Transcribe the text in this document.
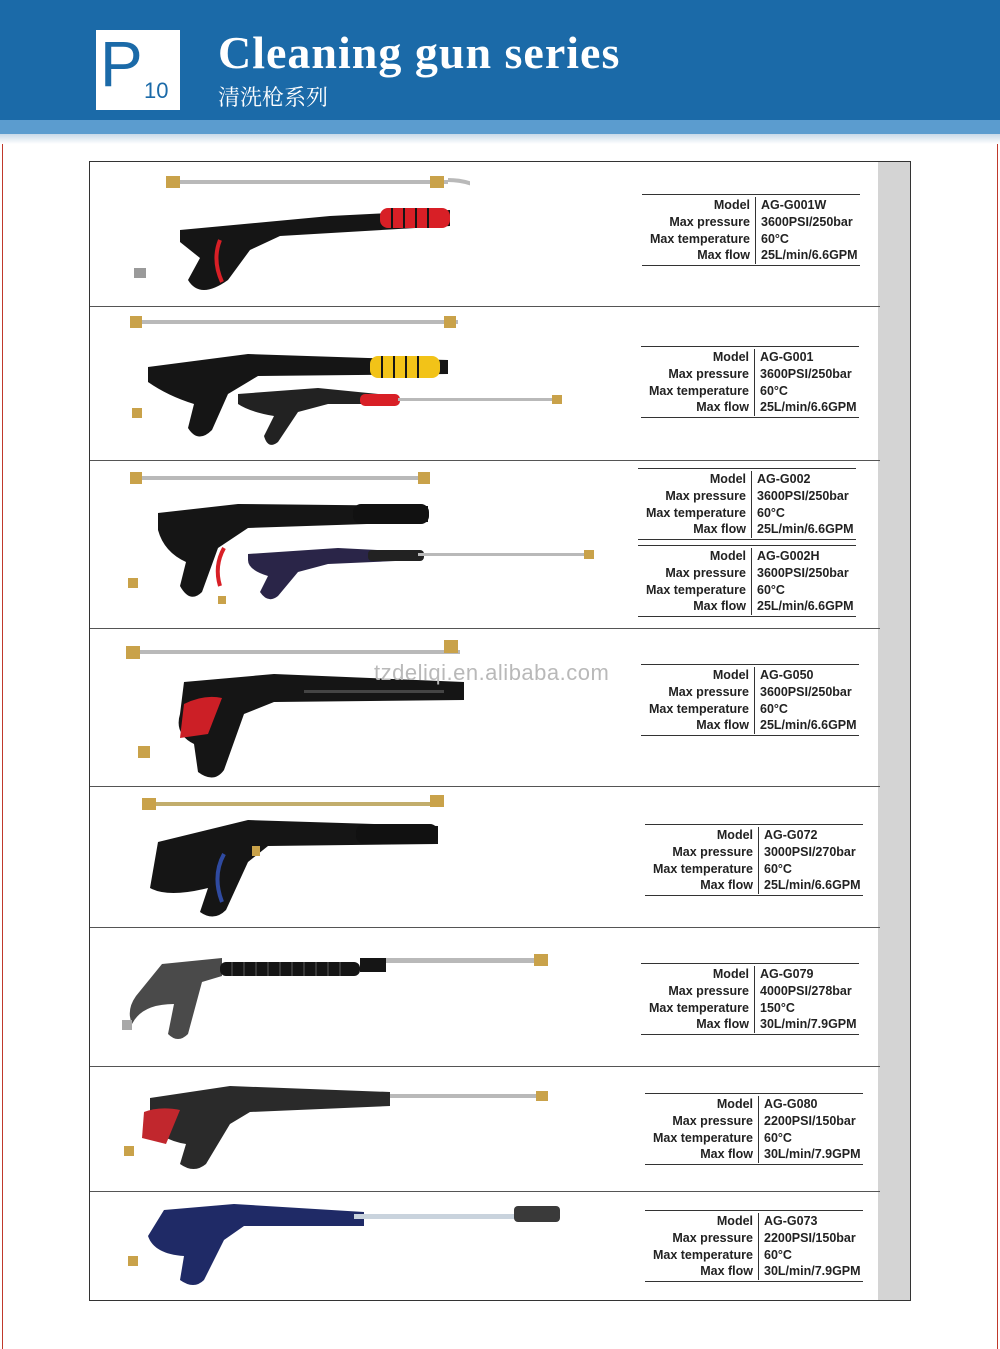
P 10
Cleaning gun series
清洗枪系列
tzdeliqi.en.alibaba.com
Model AG-G001W
Max pressure 3600PSI/250bar
Max temperature 60°C
Max flow 25L/min/6.6GPM
Model AG-G001
Max pressure 3600PSI/250bar
Max temperature 60°C
Max flow 25L/min/6.6GPM
Model AG-G002
Max pressure 3600PSI/250bar
Max temperature 60°C
Max flow 25L/min/6.6GPM
Model AG-G002H
Max pressure 3600PSI/250bar
Max temperature 60°C
Max flow 25L/min/6.6GPM
Model AG-G050
Max pressure 3600PSI/250bar
Max temperature 60°C
Max flow 25L/min/6.6GPM
Model AG-G072
Max pressure 3000PSI/270bar
Max temperature 60°C
Max flow 25L/min/6.6GPM
Model AG-G079
Max pressure 4000PSI/278bar
Max temperature 150°C
Max flow 30L/min/7.9GPM
Model AG-G080
Max pressure 2200PSI/150bar
Max temperature 60°C
Max flow 30L/min/7.9GPM
Model AG-G073
Max pressure 2200PSI/150bar
Max temperature 60°C
Max flow 30L/min/7.9GPM
